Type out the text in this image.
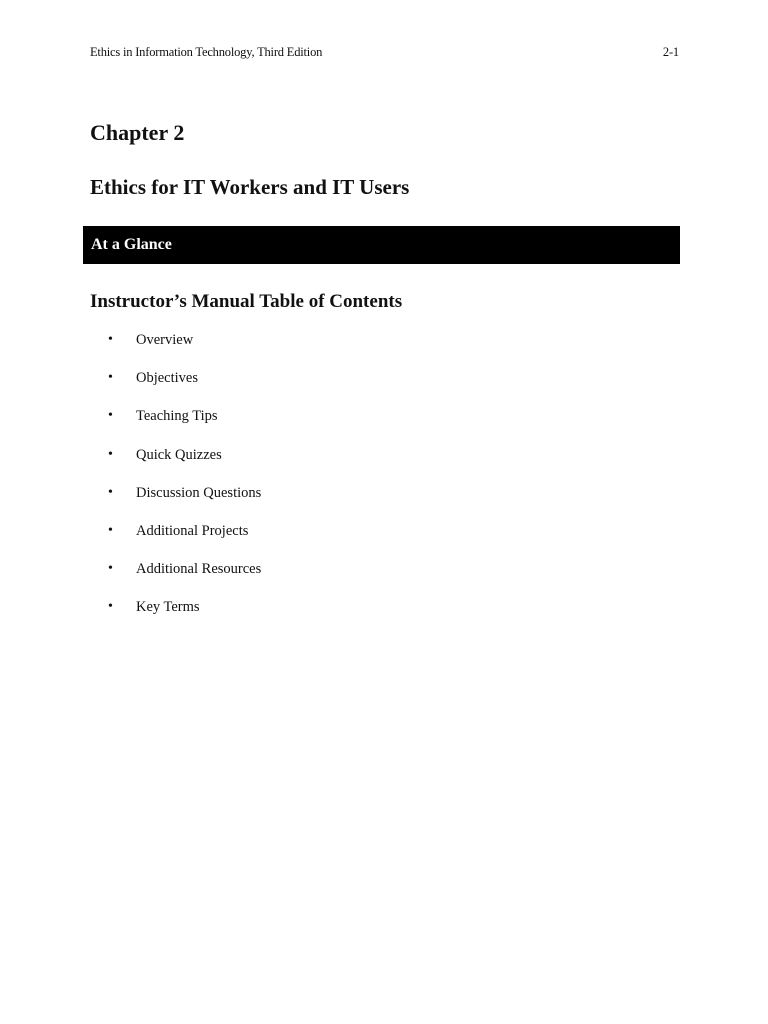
Ethics in Information Technology, Third Edition	2-1
Chapter 2
Ethics for IT Workers and IT Users
At a Glance
Instructor’s Manual Table of Contents
•	Overview
•	Objectives
•	Teaching Tips
•	Quick Quizzes
•	Discussion Questions
•	Additional Projects
•	Additional Resources
•	Key Terms
